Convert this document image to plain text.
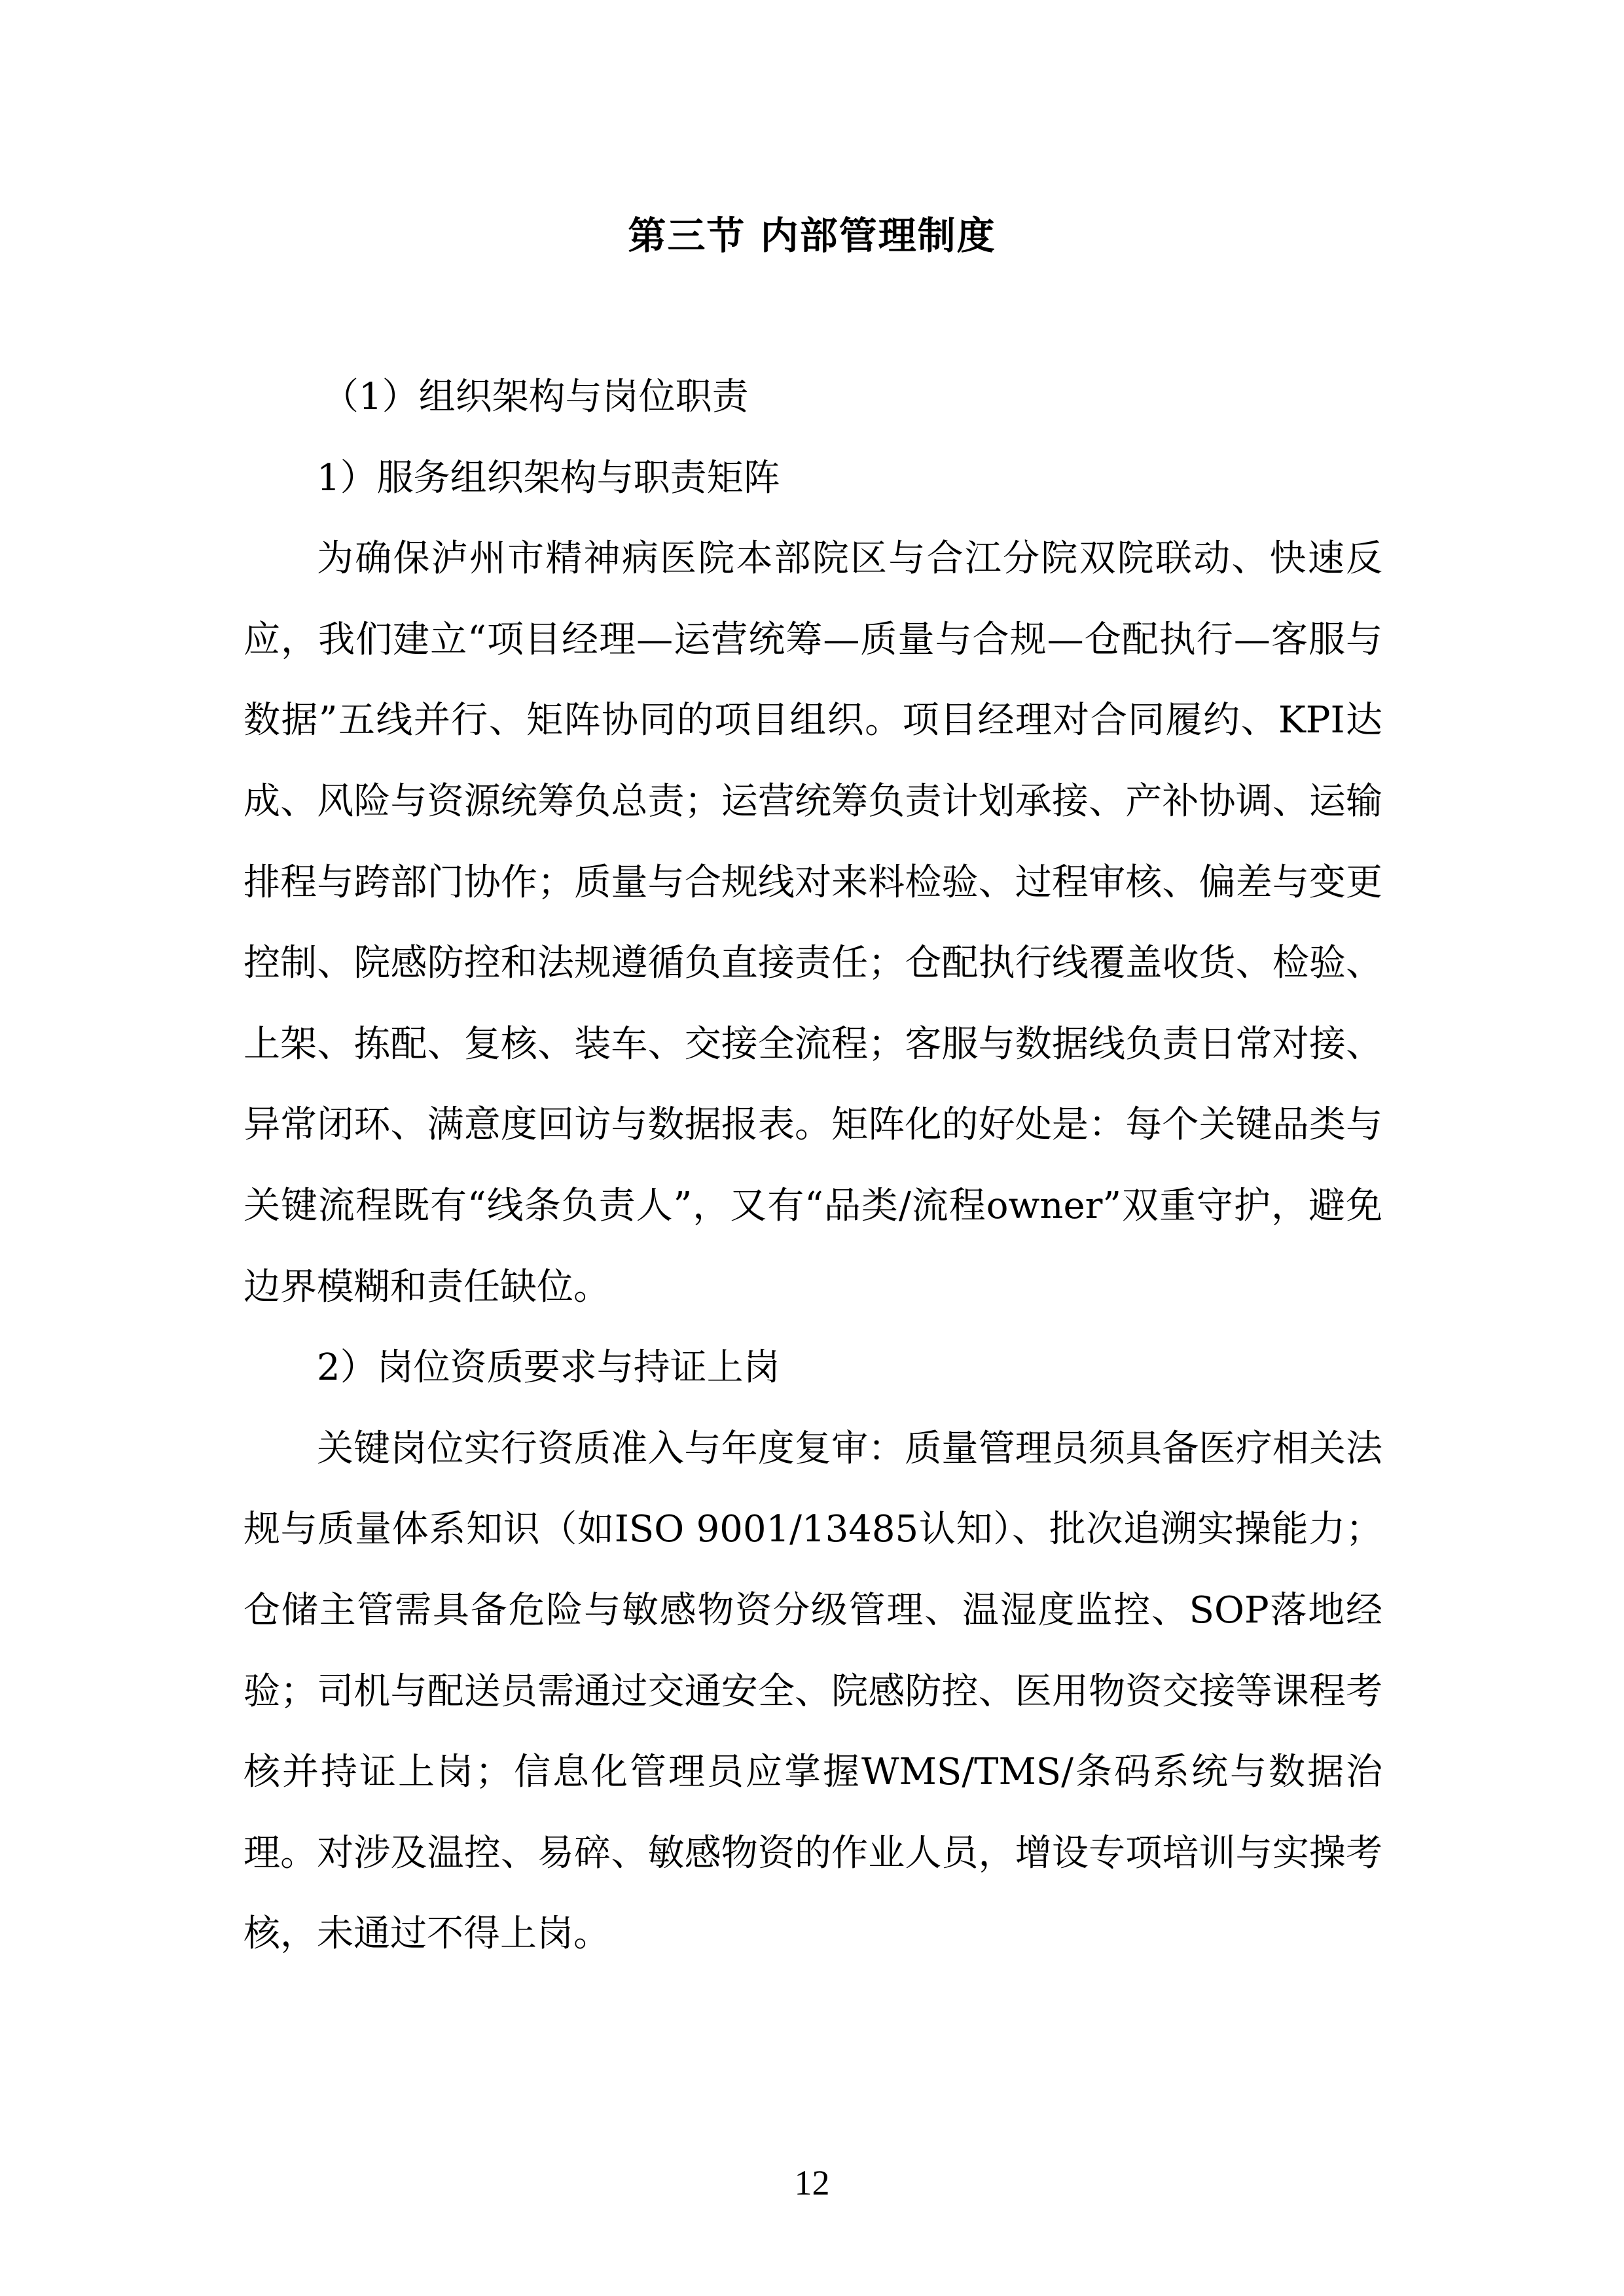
第三节 内部管理制度

（1）组织架构与岗位职责

1）服务组织架构与职责矩阵

为确保泸州市精神病医院本部院区与合江分院双院联动、快速反应，我们建立“项目经理—运营统筹—质量与合规—仓配执行—客服与数据”五线并行、矩阵协同的项目组织。项目经理对合同履约、KPI达成、风险与资源统筹负总责；运营统筹负责计划承接、产补协调、运输排程与跨部门协作；质量与合规线对来料检验、过程审核、偏差与变更控制、院感防控和法规遵循负直接责任；仓配执行线覆盖收货、检验、上架、拣配、复核、装车、交接全流程；客服与数据线负责日常对接、异常闭环、满意度回访与数据报表。矩阵化的好处是：每个关键品类与关键流程既有“线条负责人”，又有“品类/流程owner”双重守护，避免边界模糊和责任缺位。

2）岗位资质要求与持证上岗

关键岗位实行资质准入与年度复审：质量管理员须具备医疗相关法规与质量体系知识（如ISO 9001/13485认知）、批次追溯实操能力；仓储主管需具备危险与敏感物资分级管理、温湿度监控、SOP落地经验；司机与配送员需通过交通安全、院感防控、医用物资交接等课程考核并持证上岗；信息化管理员应掌握WMS/TMS/条码系统与数据治理。对涉及温控、易碎、敏感物资的作业人员，增设专项培训与实操考核，未通过不得上岗。

12
